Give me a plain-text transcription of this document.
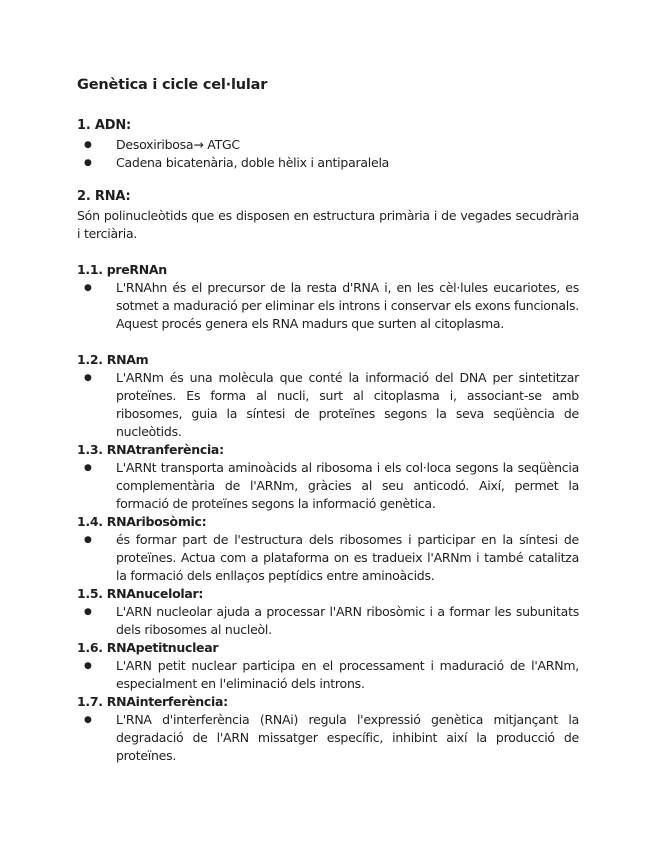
Genètica i cicle cel·lular
1. ADN:
● Desoxiribosa→ ATGC
● Cadena bicatenària, doble hèlix i antiparalela
2. RNA:

Són polinucleòtids que es disposen en estructura primària i de vegades secudrària i terciària.

1.1. preRNAn
● L'RNAhn és el precursor de la resta d'RNA i, en les cèl·lules eucariotes, es sotmet a maduració per eliminar els introns i conservar els exons funcionals. Aquest procés genera els RNA madurs que surten al citoplasma.
1.2. RNAm
● L'ARNm és una molècula que conté la informació del DNA per sintetitzar proteïnes. Es forma al nucli, surt al citoplasma i, associant-se amb ribosomes, guia la síntesi de proteïnes segons la seva seqüència de nucleòtids.
1.3. RNAtranferència:
● L'ARNt transporta aminoàcids al ribosoma i els col·loca segons la seqüència complementària de l'ARNm, gràcies al seu anticodó. Així, permet la formació de proteïnes segons la informació genètica.
1.4. RNAribosòmic:
● és formar part de l'estructura dels ribosomes i participar en la síntesi de proteïnes. Actua com a plataforma on es tradueix l'ARNm i també catalitza la formació dels enllaços peptídics entre aminoàcids.
1.5. RNAnucelolar:
● L'ARN nucleolar ajuda a processar l'ARN ribosòmic i a formar les subunitats dels ribosomes al nucleòl.
1.6. RNApetitnuclear
● L'ARN petit nuclear participa en el processament i maduració de l'ARNm, especialment en l'eliminació dels introns.
1.7. RNAinterferència:
● L'RNA d'interferència (RNAi) regula l'expressió genètica mitjançant la degradació de l'ARN missatger específic, inhibint així la producció de proteïnes.
